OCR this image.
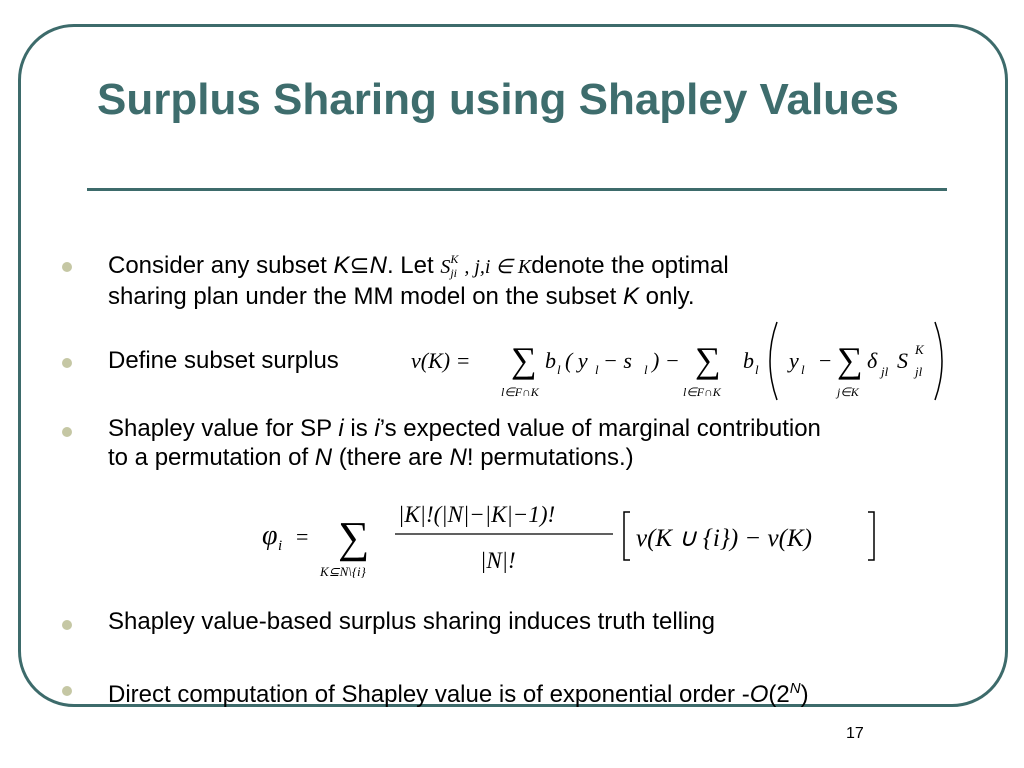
Surplus Sharing using Shapley Values

Consider any subset K⊆N. Let S K
ji , j,i ∈ Kdenote the optimal
sharing plan under the MM model on the subset K only.

Define subset surplus	v(K) = ∑
l∈F∩K
b l ( y l − s l ) − ∑
l∈F∩K
b l y l − ∑
j∈K
δ jl S K
jl

Shapley value for SP i is i’s expected value of marginal contribution
to a permutation of N (there are N! permutations.)

φ i = ∑
K⊆N\{i}
|K|!(|N|−|K|−1)!
|N|!
v(K ∪ {i}) − v(K)

Shapley value-based surplus sharing induces truth telling

Direct computation of Shapley value is of exponential order $-O(2^N)$

17
